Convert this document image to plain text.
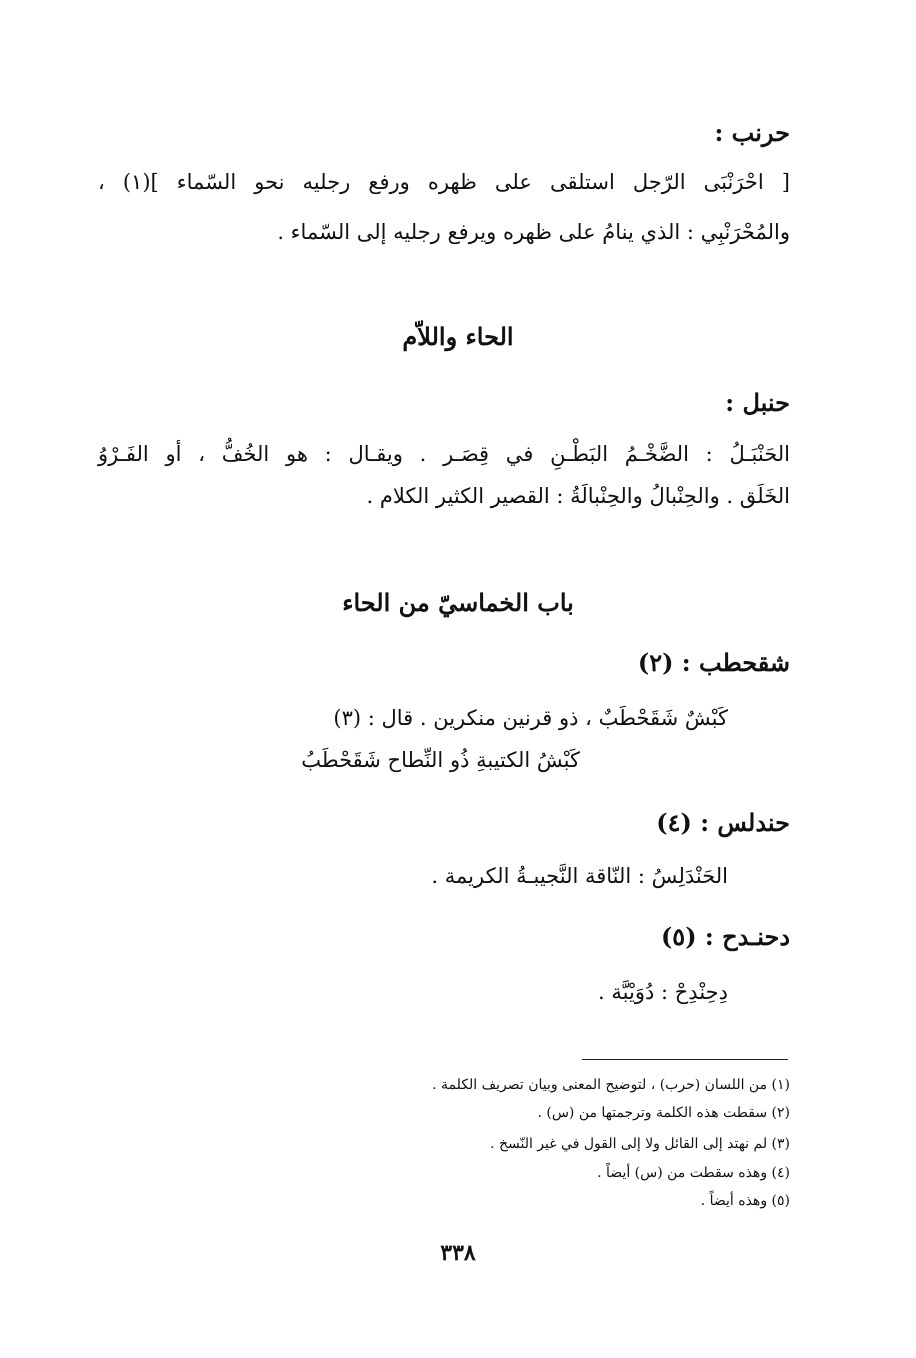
حرنب :
[ احْرَنْبَى الرّجل استلقى على ظهره ورفع رجليه نحو السّماء ](١) ،
والمُحْرَنْبِي : الذي ينامُ على ظهره ويرفع رجليه إلى السّماء .
الحاء واللاّم
حنبل :
الحَنْبَـلُ : الضَّخْـمُ البَطْـنِ في قِصَـر . ويقـال : هو الخُفُّ ، أو الفَـرْوُ
الخَلَق . والحِنْبالُ والحِنْبالَةُ : القصير الكثير الكلام .
باب الخماسيّ من الحاء
شقحطب : (٢)
كَبْشٌ شَقَحْطَبٌ ، ذو قرنين منكرين . قال : (٣)
كَبْشُ الكتيبةِ ذُو النِّطاح شَقَحْطَبُ
حندلس : (٤)
الحَنْدَلِسُ : النّاقة النَّجيبـةُ الكريمة .
دحنـدح : (٥)
دِحِنْدِحْ : دُوَيْبَّة .
(١) من اللسان (حرب) ، لتوضيح المعنى وبيان تصريف الكلمة .
(٢) سقطت هذه الكلمة وترجمتها من (س) .
(٣) لم نهتد إلى القائل ولا إلى القول في غير النّسخ .
(٤) وهذه سقطت من (س) أيضاً .
(٥) وهذه أيضاً .
٣٣٨
